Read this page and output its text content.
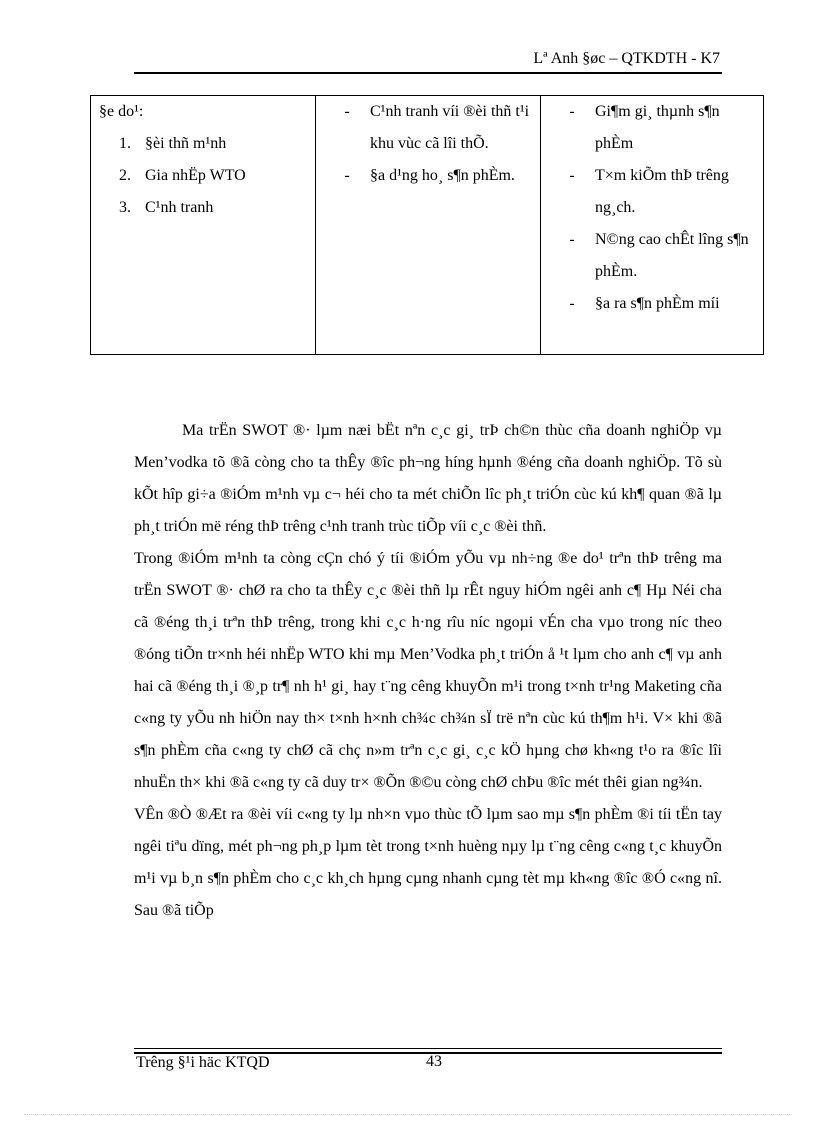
Lª Anh §øc – QTKDTH - K7
§e do¹:
1. §èi thñ m¹nh
2. Gia nhËp WTO
3. C¹nh tranh

-	C¹nh tranh víi ®èi thñ t¹i khu vùc cã lîi thÕ.
-	§a d¹ng ho¸ s¶n phÈm.

-	Gi¶m gi¸ thµnh s¶n phÈm
-	T×m kiÕm thÞ trêng ng¸ch.
-	N©ng cao chÊt lîng s¶n phÈm.
-	§a ra s¶n phÈm míi

Ma trËn SWOT ®· lµm næi bËt nªn c¸c gi¸ trÞ ch©n thùc cña doanh nghiÖp vµ Men’vodka tõ ®ã còng cho ta thÊy ®îc ph¬ng híng hµnh ®éng cña doanh nghiÖp. Tõ sù kÕt hîp gi÷a ®iÓm m¹nh vµ c¬ héi cho ta mét chiÕn lîc ph¸t triÓn cùc kú kh¶ quan ®ã lµ ph¸t triÓn më réng thÞ trêng c¹nh tranh trùc tiÕp víi c¸c ®èi thñ.

Trong ®iÓm m¹nh ta còng cÇn chó ý tíi ®iÓm yÕu vµ nh÷ng ®e do¹ trªn thÞ trêng ma trËn SWOT ®· chØ ra cho ta thÊy c¸c ®èi thñ lµ rÊt nguy hiÓm ngêi anh c¶ Hµ Néi cha cã ®éng th¸i trªn thÞ trêng, trong khi c¸c h·ng rîu níc ngoµi vÉn cha vµo trong níc theo ®óng tiÕn tr×nh héi nhËp WTO khi mµ Men’Vodka ph¸t triÓn å ¹t lµm cho anh c¶ vµ anh hai cã ®éng th¸i ®¸p tr¶ nh h¹ gi¸ hay t¨ng cêng khuyÕn m¹i trong t×nh tr¹ng Maketing cña c«ng ty yÕu nh hiÖn nay th× t×nh h×nh ch¾c ch¾n sÏ trë nªn cùc kú th¶m h¹i. V× khi ®ã s¶n phÈm cña c«ng ty chØ cã chç n»m trªn c¸c gi¸ c¸c kÖ hµng chø kh«ng t¹o ra ®îc lîi nhuËn th× khi ®ã c«ng ty cã duy tr× ®Õn ®©u còng chØ chÞu ®îc mét thêi gian ng¾n.

VÊn ®Ò ®Æt ra ®èi víi c«ng ty lµ nh×n vµo thùc tÕ lµm sao mµ s¶n phÈm ®i tíi tËn tay ngêi tiªu dïng, mét ph¬ng ph¸p lµm tèt trong t×nh huèng nµy lµ t¨ng cêng c«ng t¸c khuyÕn m¹i vµ b¸n s¶n phÈm cho c¸c kh¸ch hµng cµng nhanh cµng tèt mµ kh«ng ®îc ®Ó c«ng nî. Sau ®ã tiÕp

Trêng §¹i häc KTQD	43
